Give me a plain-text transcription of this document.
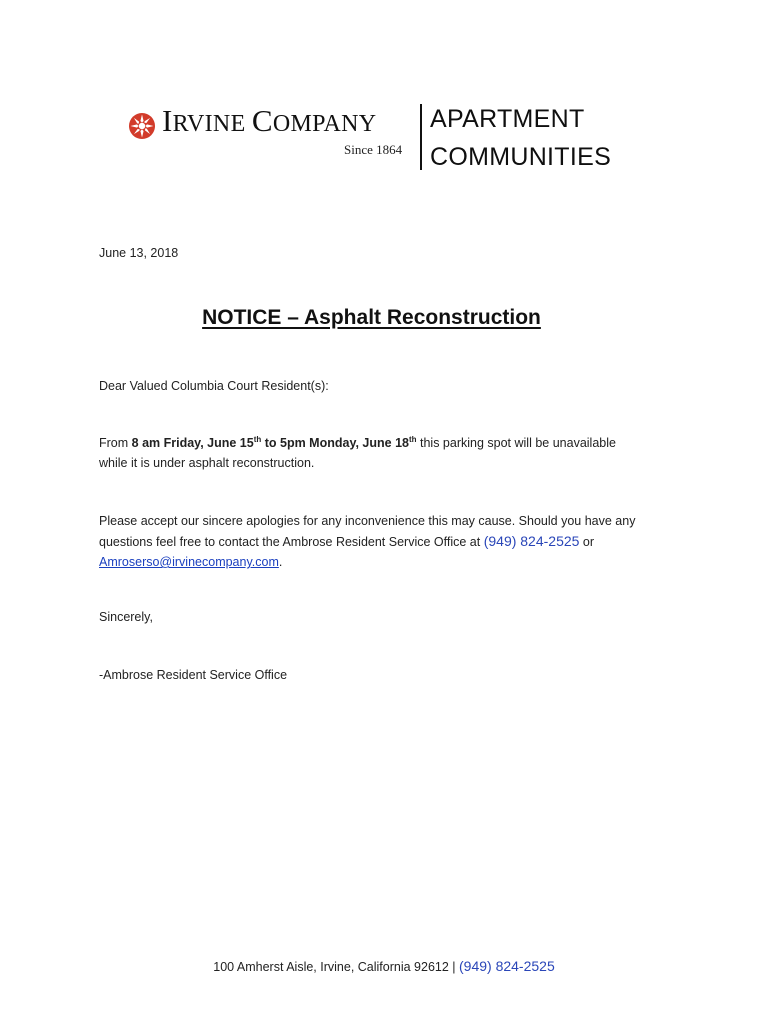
IRVINE COMPANY
Since 1864
APARTMENT
COMMUNITIES
June 13, 2018
NOTICE – Asphalt Reconstruction
Dear Valued Columbia Court Resident(s):
From 8 am Friday, June 15th to 5pm Monday, June 18th this parking spot will be unavailable
while it is under asphalt reconstruction.
Please accept our sincere apologies for any inconvenience this may cause. Should you have any
questions feel free to contact the Ambrose Resident Service Office at (949) 824-2525 or
Amroserso@irvinecompany.com.
Sincerely,
-Ambrose Resident Service Office
100 Amherst Aisle, Irvine, California 92612 | (949) 824-2525
